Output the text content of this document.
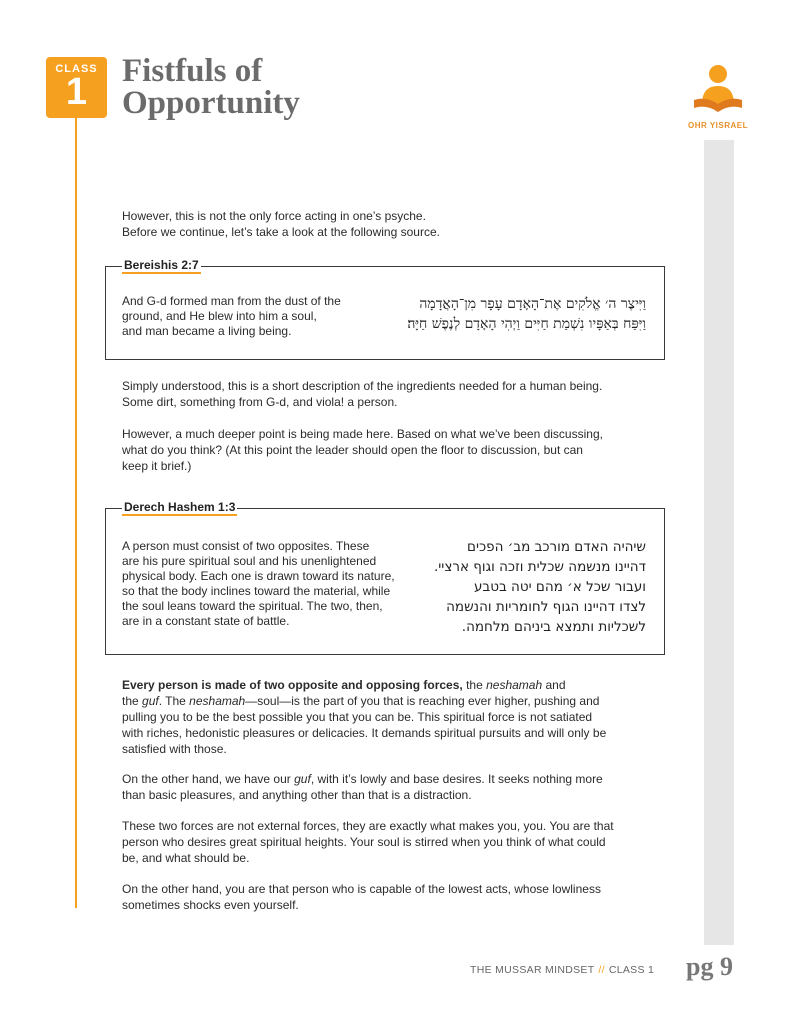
CLASS
1	Fistfuls of
Opportunity
OHR YISRAEL

However, this is not the only force acting in one’s psyche.

Before we continue, let’s take a look at the following source.

Bereishis 2:7
And G-d formed man from the dust of the
ground, and He blew into him a soul,
and man became a living being.
וַיִּיצֶר ה׳ אֱלֹקִים אֶת־הָאָדָם עָפָר מִן־הָאֲדָמָה
וַיִּפַּח בְּאַפָּיו נִשְׁמַת חַיִּים וַיְהִי הָאָדָם לְנֶפֶשׁ חַיָּה׃

Simply understood, this is a short description of the ingredients needed for a human being.

Some dirt, something from G-d, and viola! a person.

However, a much deeper point is being made here. Based on what we’ve been discussing,

what do you think? (At this point the leader should open the floor to discussion, but can

keep it brief.)

Derech Hashem 1:3
A person must consist of two opposites. These
are his pure spiritual soul and his unenlightened
physical body. Each one is drawn toward its nature,
so that the body inclines toward the material, while
the soul leans toward the spiritual. The two, then,
are in a constant state of battle.
שיהיה האדם מורכב מב׳ הפכים
דהיינו מנשמה שכלית וזכה וגוף ארציי.
ועבור שכל א׳ מהם יטה בטבע
לצדו דהיינו הגוף לחומריות והנשמה
לשכליות ותמצא ביניהם מלחמה.

Every person is made of two opposite and opposing forces, the neshamah and

the guf. The neshamah—soul—is the part of you that is reaching ever higher, pushing and

pulling you to be the best possible you that you can be. This spiritual force is not satiated

with riches, hedonistic pleasures or delicacies. It demands spiritual pursuits and will only be

satisfied with those.

On the other hand, we have our guf, with it’s lowly and base desires. It seeks nothing more

than basic pleasures, and anything other than that is a distraction.

These two forces are not external forces, they are exactly what makes you, you. You are that

person who desires great spiritual heights. Your soul is stirred when you think of what could

be, and what should be.

On the other hand, you are that person who is capable of the lowest acts, whose lowliness

sometimes shocks even yourself.

THE MUSSAR MINDSET // CLASS 1 pg 9
